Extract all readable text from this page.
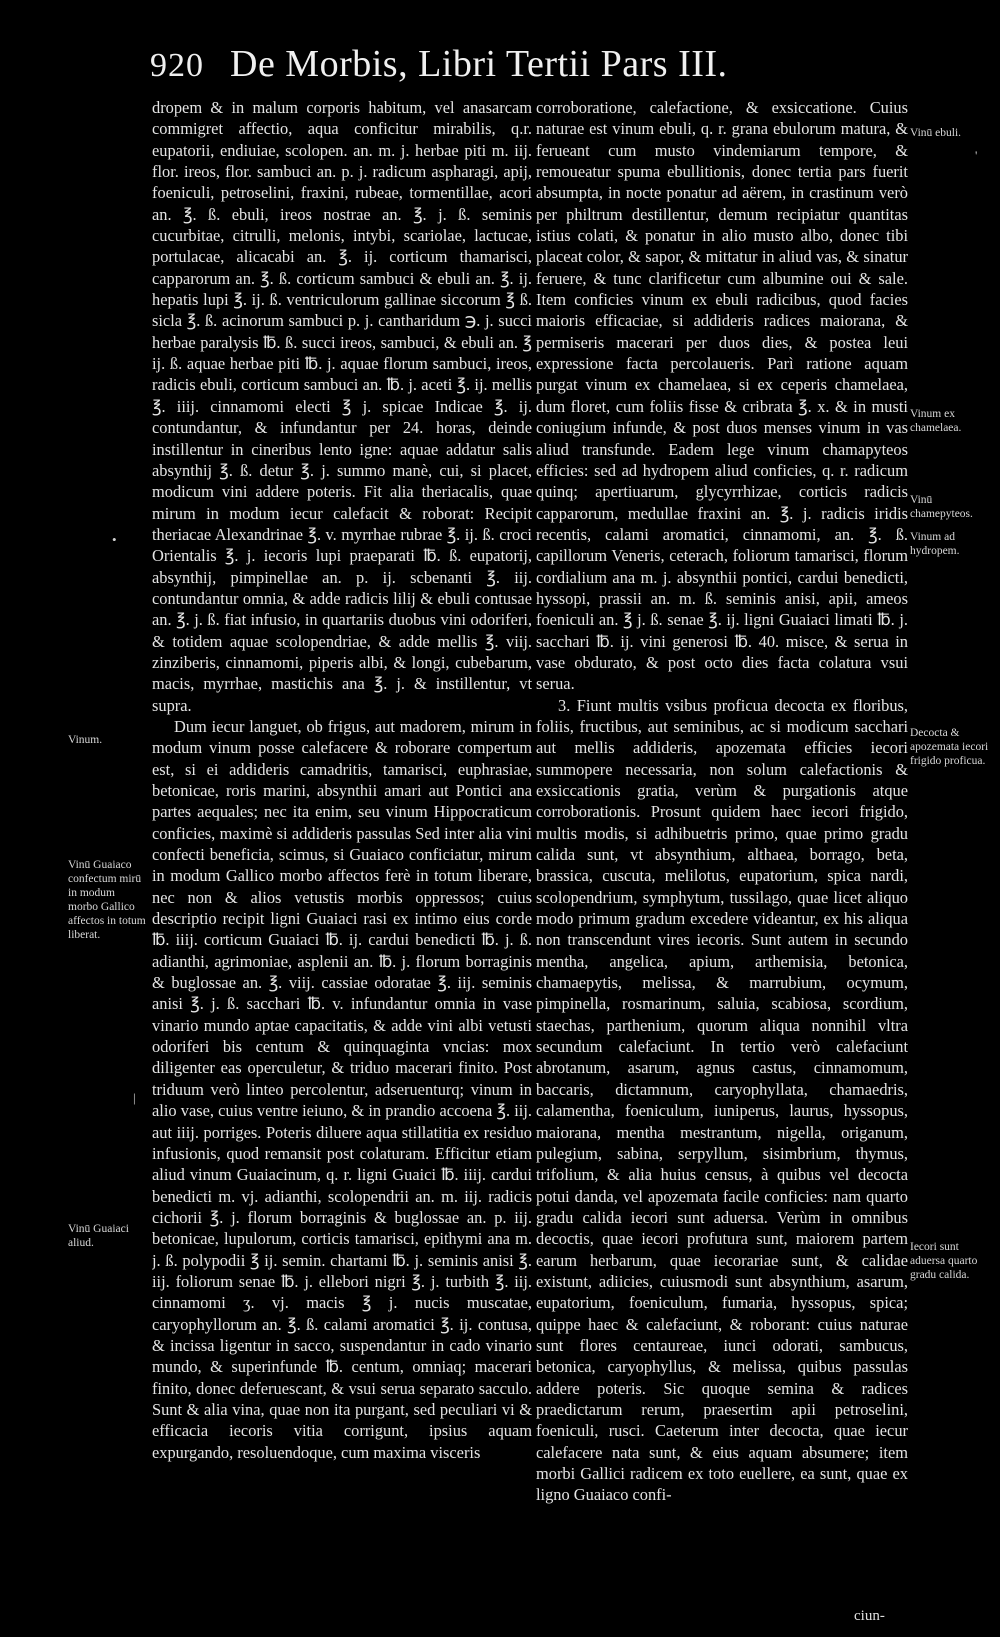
920 De Morbis, Libri Tertii Pars III.

dropem & in malum corporis habitum, vel anasarcam commigret affectio, aqua conficitur mirabilis, q.r. eupatorii, endiuiae, scolopen. an. m. j. herbae piti m. iij. flor. ireos, flor. sambuci an. p. j. radicum aspharagi, apij, foeniculi, petroselini, fraxini, rubeae, tormentillae, acori an. ℥. ß. ebuli, ireos nostrae an. ℥. j. ß. seminis cucurbitae, citrulli, melonis, intybi, scariolae, lactucae, portulacae, alicacabi an. ℥. ij. corticum thamarisci, capparorum an. ℥. ß. corticum sambuci & ebuli an. ℥. ij. hepatis lupi ℥. ij. ß. ventriculorum gallinae siccorum ℥ ß. sicla ℥. ß. acinorum sambuci p. j. cantharidum ℈. j. succi herbae paralysis ℔. ß. succi ireos, sambuci, & ebuli an. ℥ ij. ß. aquae herbae piti ℔. j. aquae florum sambuci, ireos, radicis ebuli, corticum sambuci an. ℔. j. aceti ℥. ij. mellis ℥. iiij. cinnamomi electi ℥ j. spicae Indicae ℥. ij. contundantur, & infundantur per 24. horas, deinde instillentur in cineribus lento igne: aquae addatur salis absynthij ℥. ß. detur ℥. j. summo manè, cui, si placet, modicum vini addere poteris. Fit alia theriacalis, quae mirum in modum iecur calefacit & roborat: Recipit theriacae Alexandrinae ℥. v. myrrhae rubrae ℥. ij. ß. croci Orientalis ℥. j. iecoris lupi praeparati ℔. ß. eupatorij, absynthij, pimpinellae an. p. ij. scbenanti ℥. iij. contundantur omnia, & adde radicis lilij & ebuli contusae an. ℥. j. ß. fiat infusio, in quartariis duobus vini odoriferi, & totidem aquae scolopendriae, & adde mellis ℥. viij. zinziberis, cinnamomi, piperis albi, & longi, cubebarum, macis, myrrhae, mastichis ana ℥. j. & instillentur, vt supra.

Dum iecur languet, ob frigus, aut madorem, mirum in modum vinum posse calefacere & roborare compertum est, si ei addideris camadritis, tamarisci, euphrasiae, betonicae, roris marini, absynthii amari aut Pontici ana partes aequales; nec ita enim, seu vinum Hippocraticum conficies, maximè si addideris passulas Sed inter alia vini confecti beneficia, scimus, si Guaiaco conficiatur, mirum in modum Gallico morbo affectos ferè in totum liberare, nec non & alios vetustis morbis oppressos; cuius descriptio recipit ligni Guaiaci rasi ex intimo eius corde ℔. iiij. corticum Guaiaci ℔. ij. cardui benedicti ℔. j. ß. adianthi, agrimoniae, asplenii an. ℔. j. florum borraginis & buglossae an. ℥. viij. cassiae odoratae ℥. iij. seminis anisi ℥. j. ß. sacchari ℔. v. infundantur omnia in vase vinario mundo aptae capacitatis, & adde vini albi vetusti odoriferi bis centum & quinquaginta vncias: mox diligenter eas operculetur, & triduo macerari finito. Post triduum verò linteo percolentur, adseruenturq; vinum in alio vase, cuius ventre ieiuno, & in prandio accoena ℥. iij. aut iiij. porriges. Poteris diluere aqua stillatitia ex residuo infusionis, quod remansit post colaturam. Efficitur etiam aliud vinum Guaiacinum, q. r. ligni Guaici ℔. iiij. cardui benedicti m. vj. adianthi, scolopendrii an. m. iij. radicis cichorii ℥. j. florum borraginis & buglossae an. p. iij. betonicae, lupulorum, corticis tamarisci, epithymi ana m. j. ß. polypodii ℥ ij. semin. chartami ℔. j. seminis anisi ℥. iij. foliorum senae ℔. j. ellebori nigri ℥. j. turbith ℥. iij. cinnamomi ʒ. vj. macis ℥ j. nucis muscatae, caryophyllorum an. ℥. ß. calami aromatici ℥. ij. contusa, & incissa ligentur in sacco, suspendantur in cado vinario mundo, & superinfunde ℔. centum, omniaq; macerari finito, donec deferuescant, & vsui serua separato sacculo. Sunt & alia vina, quae non ita purgant, sed peculiari vi & efficacia iecoris vitia corrigunt, ipsius aquam expurgando, resoluendoque, cum maxima visceris

corroboratione, calefactione, & exsiccatione. Cuius naturae est vinum ebuli, q. r. grana ebulorum matura, & ferueant cum musto vindemiarum tempore, & remoueatur spuma ebullitionis, donec tertia pars fuerit absumpta, in nocte ponatur ad aërem, in crastinum verò per philtrum destillentur, demum recipiatur quantitas istius colati, & ponatur in alio musto albo, donec tibi placeat color, & sapor, & mittatur in aliud vas, & sinatur feruere, & tunc clarificetur cum albumine oui & sale. Item conficies vinum ex ebuli radicibus, quod facies maioris efficaciae, si addideris radices maiorana, & permiseris macerari per duos dies, & postea leui expressione facta percolaueris. Parì ratione aquam purgat vinum ex chamelaea, si ex ceperis chamelaea, dum floret, cum foliis fisse & cribrata ℥. x. & in musti coniugium infunde, & post duos menses vinum in vas aliud transfunde. Eadem lege vinum chamapyteos efficies: sed ad hydropem aliud conficies, q. r. radicum quinq; apertiuarum, glycyrrhizae, corticis radicis capparorum, medullae fraxini an. ℥. j. radicis iridis recentis, calami aromatici, cinnamomi, an. ℥. ß. capillorum Veneris, ceterach, foliorum tamarisci, florum cordialium ana m. j. absynthii pontici, cardui benedicti, hyssopi, prassii an. m. ß. seminis anisi, apii, ameos foeniculi an. ℥ j. ß. senae ℥. ij. ligni Guaiaci limati ℔. j. sacchari ℔. ij. vini generosi ℔. 40. misce, & serua in vase obdurato, & post octo dies facta colatura vsui serua.

3. Fiunt multis vsibus proficua decocta ex floribus, foliis, fructibus, aut seminibus, ac si modicum sacchari aut mellis addideris, apozemata efficies iecori summopere necessaria, non solum calefactionis & exsiccationis gratia, verùm & purgationis atque corroborationis. Prosunt quidem haec iecori frigido, multis modis, si adhibuetris primo, quae primo gradu calida sunt, vt absynthium, althaea, borrago, beta, brassica, cuscuta, melilotus, eupatorium, spica nardi, scolopendrium, symphytum, tussilago, quae licet aliquo modo primum gradum excedere videantur, ex his aliqua non transcendunt vires iecoris. Sunt autem in secundo mentha, angelica, apium, arthemisia, betonica, chamaepytis, melissa, & marrubium, ocymum, pimpinella, rosmarinum, saluia, scabiosa, scordium, staechas, parthenium, quorum aliqua nonnihil vltra secundum calefaciunt. In tertio verò calefaciunt abrotanum, asarum, agnus castus, cinnamomum, baccaris, dictamnum, caryophyllata, chamaedris, calamentha, foeniculum, iuniperus, laurus, hyssopus, maiorana, mentha mestrantum, nigella, origanum, pulegium, sabina, serpyllum, sisimbrium, thymus, trifolium, & alia huius census, à quibus vel decocta potui danda, vel apozemata facile conficies: nam quarto gradu calida iecori sunt aduersa. Verùm in omnibus decoctis, quae iecori profutura sunt, maiorem partem earum herbarum, quae iecorariae sunt, & calidae existunt, adiicies, cuiusmodi sunt absynthium, asarum, eupatorium, foeniculum, fumaria, hyssopus, spica; quippe haec & calefaciunt, & roborant: cuius naturae sunt flores centaureae, iunci odorati, sambucus, betonica, caryophyllus, & melissa, quibus passulas addere poteris. Sic quoque semina & radices praedictarum rerum, praesertim apii petroselini, foeniculi, rusci. Caeterum inter decocta, quae iecur calefacere nata sunt, & eius aquam absumere; item morbi Gallici radicem ex toto euellere, ea sunt, quae ex ligno Guaiaco confi-

Vinum.
Vinū Guaiaco confectum mirū in modum morbo Gallico affectos in totum liberat.
Vinū Guaiaci aliud.
Vinū ebuli.
Vinum ex chamelaea.
Vinū chamepyteos.
Vinum ad hydropem.
Decocta & apozemata iecori frigido proficua.
Iecori sunt aduersa quarto gradu calida.
•
|
'
ciun-
